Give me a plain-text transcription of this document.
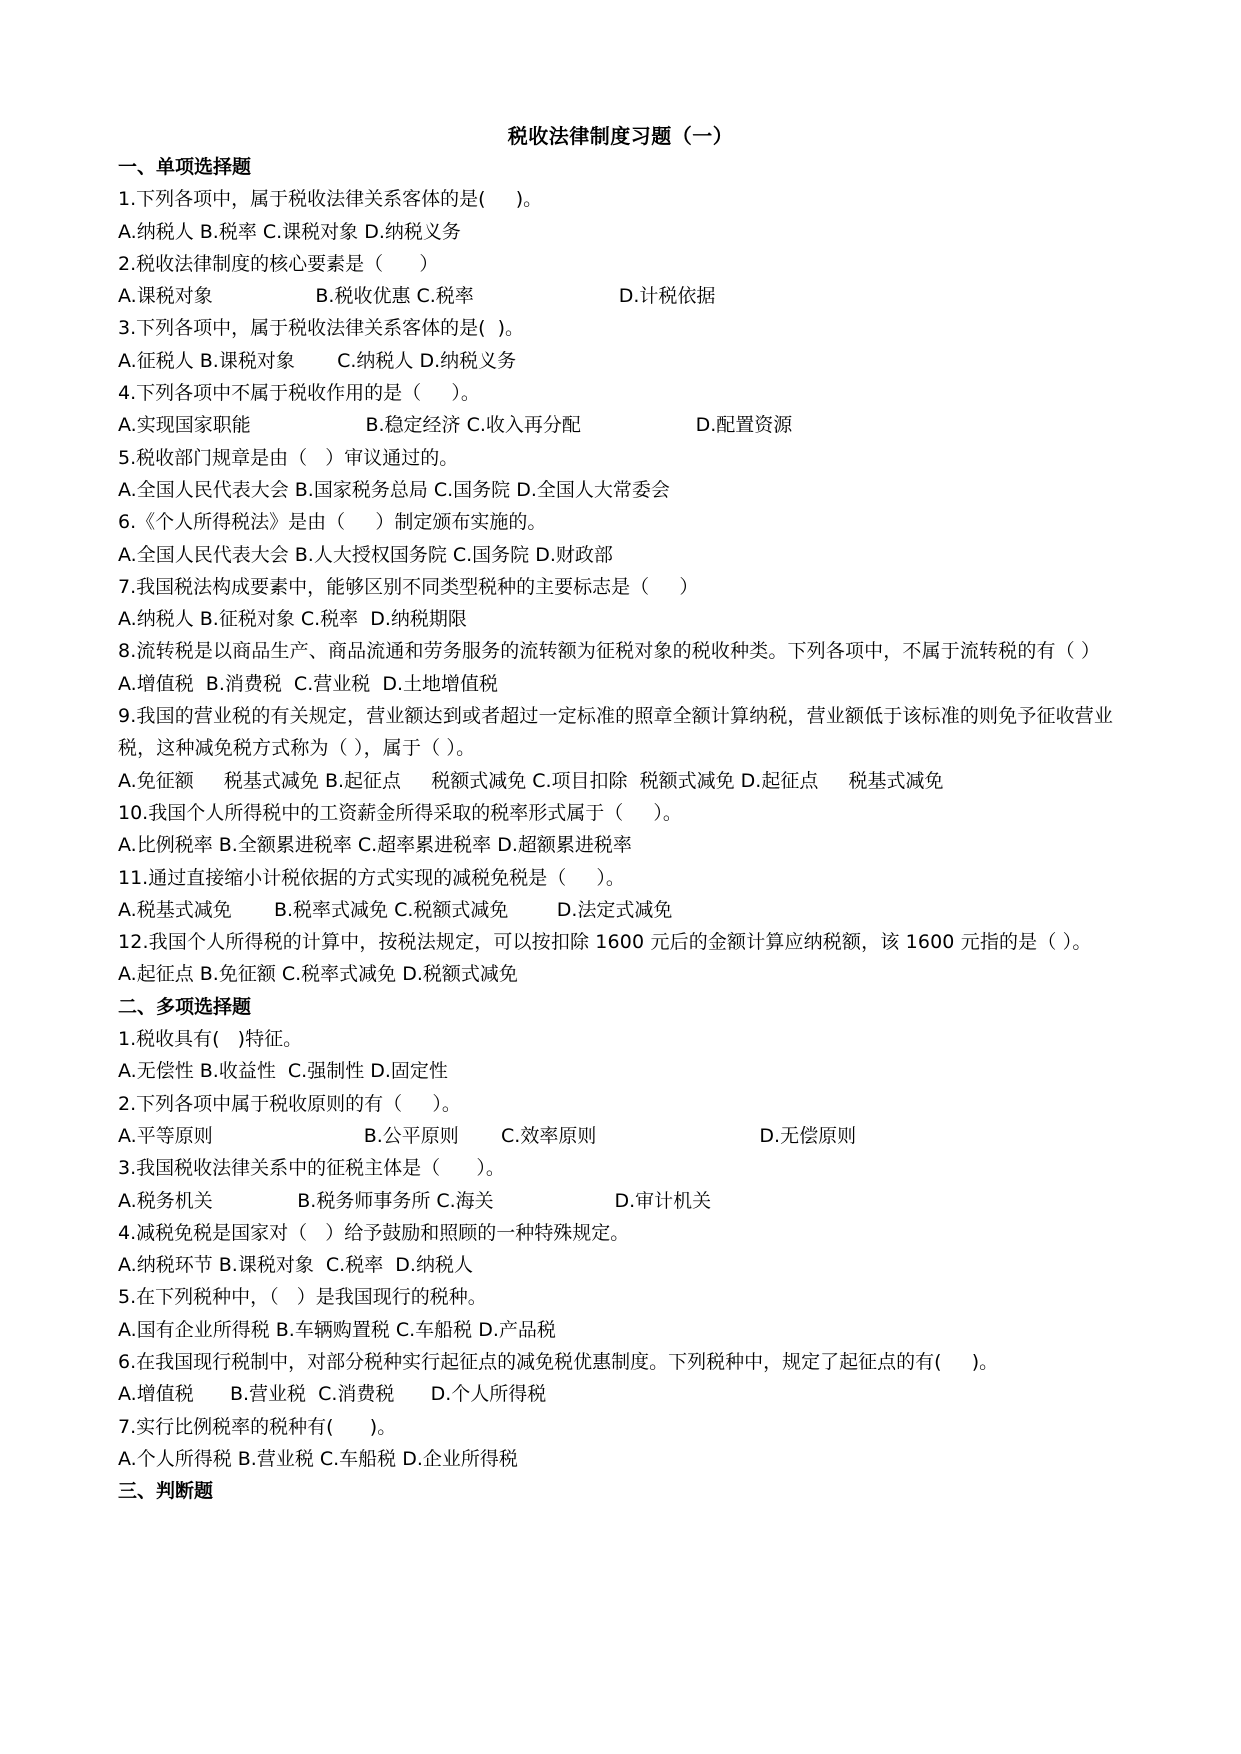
税收法律制度习题（一）
一、单项选择题
1.下列各项中，属于税收法律关系客体的是(     )。
A.纳税人 B.税率 C.课税对象 D.纳税义务
2.税收法律制度的核心要素是（      ）
A.课税对象                 B.税收优惠 C.税率                        D.计税依据
3.下列各项中，属于税收法律关系客体的是(  )。
A.征税人 B.课税对象       C.纳税人 D.纳税义务
4.下列各项中不属于税收作用的是（     ）。
A.实现国家职能                   B.稳定经济 C.收入再分配                   D.配置资源
5.税收部门规章是由（   ）审议通过的。
A.全国人民代表大会 B.国家税务总局 C.国务院 D.全国人大常委会
6.《个人所得税法》是由（     ）制定颁布实施的。
A.全国人民代表大会 B.人大授权国务院 C.国务院 D.财政部
7.我国税法构成要素中，能够区别不同类型税种的主要标志是（     ）
A.纳税人 B.征税对象 C.税率  D.纳税期限
8.流转税是以商品生产、商品流通和劳务服务的流转额为征税对象的税收种类。下列各项中，不属于流转税的有（ ）
A.增值税  B.消费税  C.营业税  D.土地增值税
9.我国的营业税的有关规定，营业额达到或者超过一定标准的照章全额计算纳税，营业额低于该标准的则免予征收营业税，这种减免税方式称为（ ），属于（ ）。
A.免征额     税基式减免 B.起征点     税额式减免 C.项目扣除  税额式减免 D.起征点     税基式减免
10.我国个人所得税中的工资薪金所得采取的税率形式属于（     ）。
A.比例税率 B.全额累进税率 C.超率累进税率 D.超额累进税率
11.通过直接缩小计税依据的方式实现的减税免税是（     ）。
A.税基式减免       B.税率式减免 C.税额式减免        D.法定式减免
12.我国个人所得税的计算中，按税法规定，可以按扣除 1600 元后的金额计算应纳税额，该 1600 元指的是（ ）。
A.起征点 B.免征额 C.税率式减免 D.税额式减免
二、多项选择题
1.税收具有(   )特征。
A.无偿性 B.收益性  C.强制性 D.固定性
2.下列各项中属于税收原则的有（     ）。
A.平等原则                         B.公平原则       C.效率原则                           D.无偿原则
3.我国税收法律关系中的征税主体是（      ）。
A.税务机关              B.税务师事务所 C.海关                    D.审计机关
4.减税免税是国家对（   ）给予鼓励和照顾的一种特殊规定。
A.纳税环节 B.课税对象  C.税率  D.纳税人
5.在下列税种中，（   ）是我国现行的税种。
A.国有企业所得税 B.车辆购置税 C.车船税 D.产品税
6.在我国现行税制中，对部分税种实行起征点的减免税优惠制度。下列税种中，规定了起征点的有(     )。
A.增值税      B.营业税  C.消费税      D.个人所得税
7.实行比例税率的税种有(      )。
A.个人所得税 B.营业税 C.车船税 D.企业所得税
三、判断题
